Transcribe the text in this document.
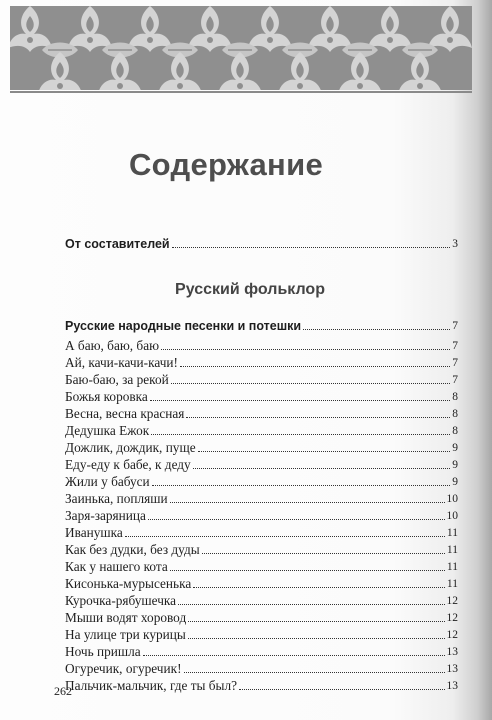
Содержание
От составителей	3
Русский фольклор
Русские народные песенки и потешки	7
А баю, баю, баю	7
Ай, качи-качи-качи!	7
Баю-баю, за рекой	7
Божья коровка	8
Весна, весна красная	8
Дедушка Ежок	8
Дожлик, дождик, пуще	9
Еду-еду к бабе, к деду	9
Жили у бабуси	9
Заинька, попляши	10
Заря-заряница	10
Иванушка	11
Как без дудки, без дуды	11
Как у нашего кота	11
Кисонька-мурысенька	11
Курочка-рябушечка	12
Мыши водят хоровод	12
На улице три курицы	12
Ночь пришла	13
Огуречик, огуречик!	13
Пальчик-мальчик, где ты был?	13
262
